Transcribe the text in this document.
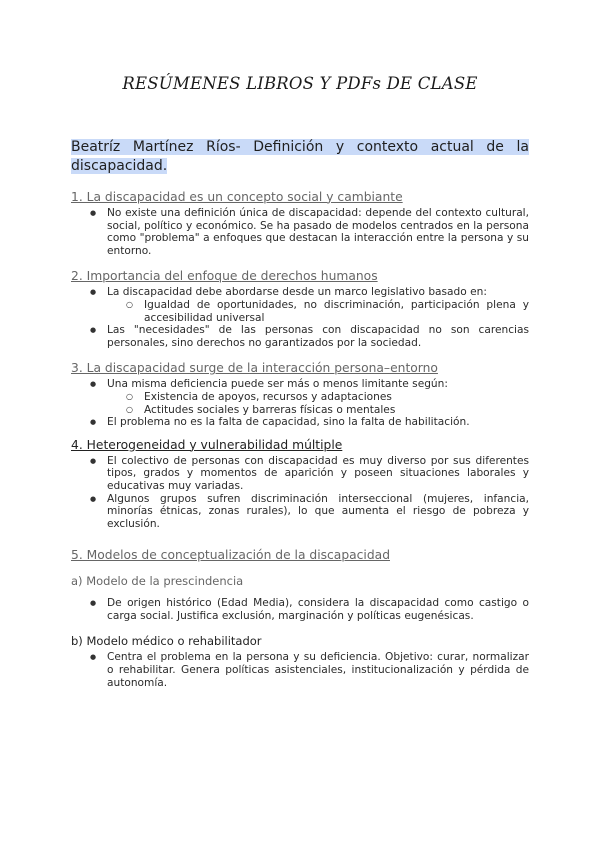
RESÚMENES LIBROS Y PDFs DE CLASE
Beatríz Martínez Ríos- Definición y contexto actual de la discapacidad.
1. La discapacidad es un concepto social y cambiante
● No existe una definición única de discapacidad: depende del contexto cultural, social, político y económico. Se ha pasado de modelos centrados en la persona como "problema" a enfoques que destacan la interacción entre la persona y su entorno.
2. Importancia del enfoque de derechos humanos
● La discapacidad debe abordarse desde un marco legislativo basado en:
○ Igualdad de oportunidades, no discriminación, participación plena y accesibilidad universal
● Las "necesidades" de las personas con discapacidad no son carencias personales, sino derechos no garantizados por la sociedad.
3. La discapacidad surge de la interacción persona–entorno
● Una misma deficiencia puede ser más o menos limitante según:
○ Existencia de apoyos, recursos y adaptaciones
○ Actitudes sociales y barreras físicas o mentales
● El problema no es la falta de capacidad, sino la falta de habilitación.
4. Heterogeneidad y vulnerabilidad múltiple
● El colectivo de personas con discapacidad es muy diverso por sus diferentes tipos, grados y momentos de aparición y poseen situaciones laborales y educativas muy variadas.
● Algunos grupos sufren discriminación interseccional (mujeres, infancia, minorías étnicas, zonas rurales), lo que aumenta el riesgo de pobreza y exclusión.
5. Modelos de conceptualización de la discapacidad
a) Modelo de la prescindencia
● De origen histórico (Edad Media), considera la discapacidad como castigo o carga social. Justifica exclusión, marginación y políticas eugenésicas.
b) Modelo médico o rehabilitador
● Centra el problema en la persona y su deficiencia. Objetivo: curar, normalizar o rehabilitar. Genera políticas asistenciales, institucionalización y pérdida de autonomía.
